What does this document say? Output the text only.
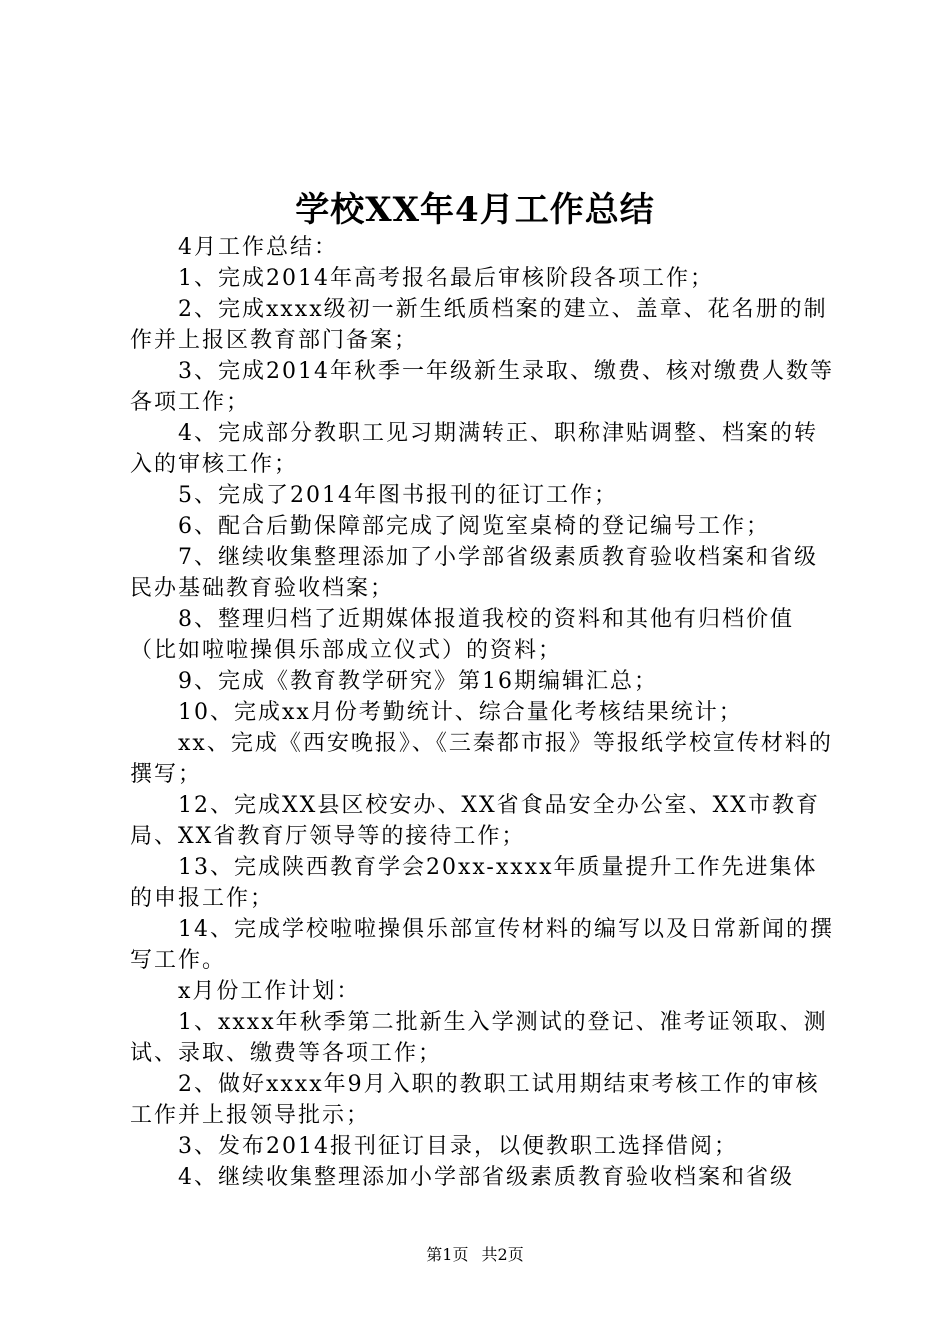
学校XX年4月工作总结

4月工作总结：

1、完成2014年高考报名最后审核阶段各项工作；

2、完成xxxx级初一新生纸质档案的建立、盖章、花名册的制作并上报区教育部门备案；

3、完成2014年秋季一年级新生录取、缴费、核对缴费人数等各项工作；

4、完成部分教职工见习期满转正、职称津贴调整、档案的转入的审核工作；

5、完成了2014年图书报刊的征订工作；

6、配合后勤保障部完成了阅览室桌椅的登记编号工作；

7、继续收集整理添加了小学部省级素质教育验收档案和省级民办基础教育验收档案；

8、整理归档了近期媒体报道我校的资料和其他有归档价值（比如啦啦操俱乐部成立仪式）的资料；

9、完成《教育教学研究》第16期编辑汇总；

10、完成xx月份考勤统计、综合量化考核结果统计；

xx、完成《西安晚报》、《三秦都市报》等报纸学校宣传材料的撰写；

12、完成XX县区校安办、XX省食品安全办公室、XX市教育局、XX省教育厅领导等的接待工作；

13、完成陕西教育学会20xx-xxxx年质量提升工作先进集体的申报工作；

14、完成学校啦啦操俱乐部宣传材料的编写以及日常新闻的撰写工作。

x月份工作计划：

1、xxxx年秋季第二批新生入学测试的登记、准考证领取、测试、录取、缴费等各项工作；

2、做好xxxx年9月入职的教职工试用期结束考核工作的审核工作并上报领导批示；

3、发布2014报刊征订目录，以便教职工选择借阅；

4、继续收集整理添加小学部省级素质教育验收档案和省级

第1页 共2页
